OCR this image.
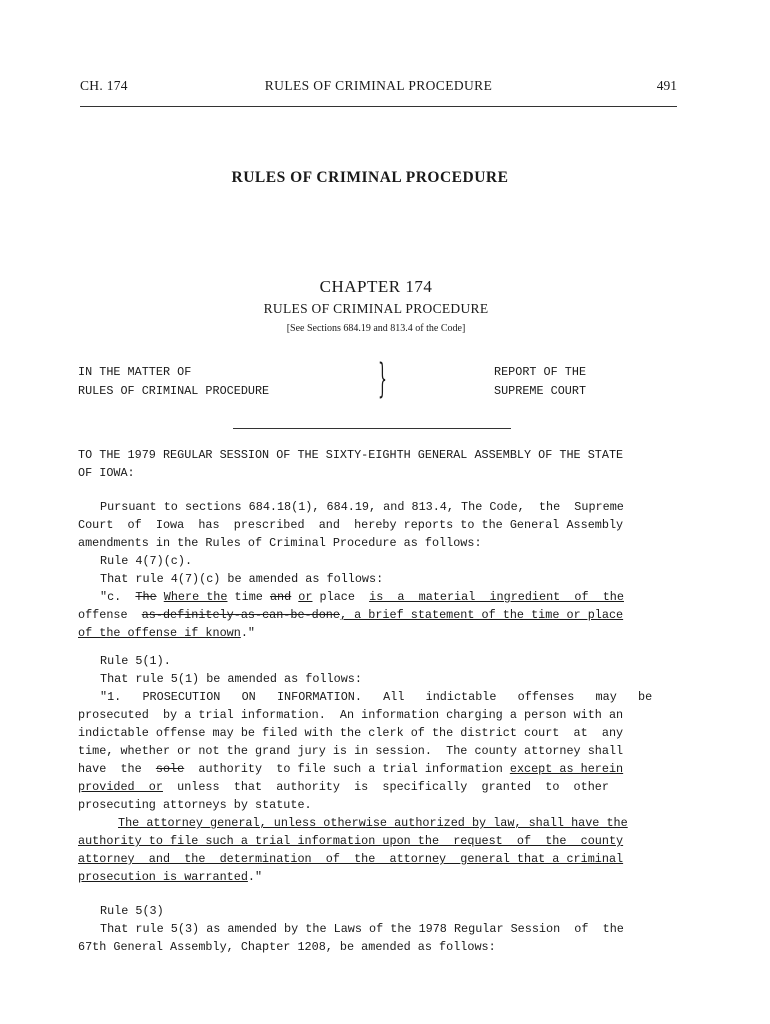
CH. 174	RULES OF CRIMINAL PROCEDURE	491
RULES OF CRIMINAL PROCEDURE
CHAPTER 174
RULES OF CRIMINAL PROCEDURE
[See Sections 684.19 and 813.4 of the Code]
IN THE MATTER OF
RULES OF CRIMINAL PROCEDURE	}	REPORT OF THE
SUPREME COURT
TO THE 1979 REGULAR SESSION OF THE SIXTY-EIGHTH GENERAL ASSEMBLY OF THE STATE
OF IOWA:
Pursuant to sections 684.18(1), 684.19, and 813.4, The Code,  the  Supreme
Court  of  Iowa  has  prescribed  and  hereby reports to the General Assembly
amendments in the Rules of Criminal Procedure as follows:
Rule 4(7)(c).
That rule 4(7)(c) be amended as follows:
"c.  The Where the time and or place  is  a  material  ingredient  of  the
offense  as-definitely-as-can-be-done, a brief statement of the time or place
of the offense if known."
Rule 5(1).
That rule 5(1) be amended as follows:
"1.   PROSECUTION   ON   INFORMATION.   All   indictable   offenses   may   be
prosecuted  by a trial information.  An information charging a person with an
indictable offense may be filed with the clerk of the district court  at  any
time, whether or not the grand jury is in session.  The county attorney shall
have  the  sole  authority  to file such a trial information except as herein
provided  or  unless  that  authority  is  specifically  granted  to  other
prosecuting attorneys by statute.
The attorney general, unless otherwise authorized by law, shall have the
authority to file such a trial information upon the  request  of  the  county
attorney  and  the  determination  of  the  attorney  general that a criminal
prosecution is warranted."
Rule 5(3)
That rule 5(3) as amended by the Laws of the 1978 Regular Session  of  the
67th General Assembly, Chapter 1208, be amended as follows:
